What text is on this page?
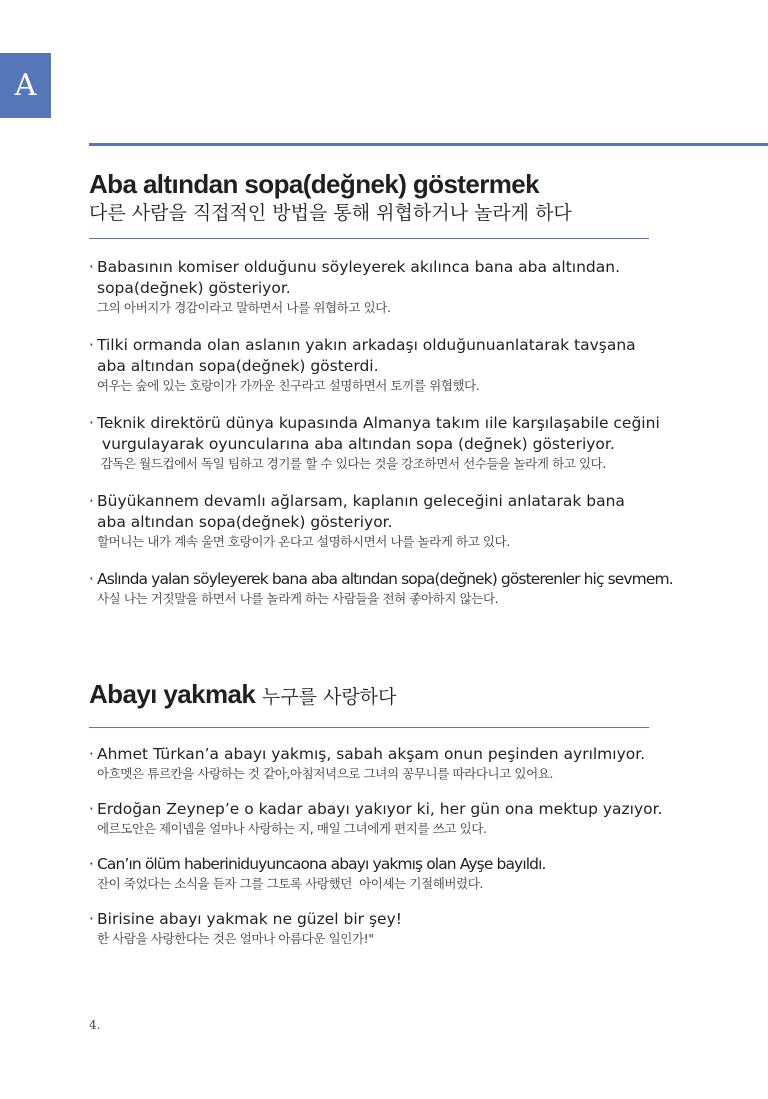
A
Aba altından sopa(değnek) göstermek

다른 사람을 직접적인 방법을 통해 위협하거나 놀라게 하다

· Babasının komiser olduğunu söyleyerek akılınca bana aba altından.
sopa(değnek) gösteriyor.
그의 아버지가 경감이라고 말하면서 나를 위협하고 있다.
· Tilki ormanda olan aslanın yakın arkadaşı olduğunuanlatarak tavşana
aba altından sopa(değnek) gösterdi.
여우는 숲에 있는 호랑이가 가까운 친구라고 설명하면서 토끼를 위협했다.
· Teknik direktörü dünya kupasında Almanya takım ıile karşılaşabile ceğini
vurgulayarak oyuncularına aba altından sopa (değnek) gösteriyor.
감독은 월드컵에서 독일 팀하고 경기를 할 수 있다는 것을 강조하면서 선수들을 놀라게 하고 있다.
· Büyükannem devamlı ağlarsam, kaplanın geleceğini anlatarak bana
aba altından sopa(değnek) gösteriyor.
할머니는 내가 계속 울면 호랑이가 온다고 설명하시면서 나를 놀라게 하고 있다.
· Aslında yalan söyleyerek bana aba altından sopa(değnek) gösterenler hiç sevmem.
사실 나는 거짓말을 하면서 나를 놀라게 하는 사람들을 전혀 좋아하지 않는다.
Abayı yakmak 누구를 사랑하다
· Ahmet Türkan’a abayı yakmış, sabah akşam onun peşinden ayrılmıyor.
아흐멧은 튜르칸을 사랑하는 것 같아,아침저녁으로 그녀의 꽁무니를 따라다니고 있어요.
· Erdoğan Zeynep’e o kadar abayı yakıyor ki, her gün ona mektup yazıyor.
에르도안은 제이넵을 얼마나 사랑하는 지, 매일 그녀에게 편지를 쓰고 있다.
· Can’ın ölüm haberiniduyuncaona abayı yakmış olan Ayşe bayıldı.
잔이 죽었다는 소식을 듣자 그를 그토록 사랑했던  아이셰는 기절해버렸다.
· Birisine abayı yakmak ne güzel bir şey!
한 사람을 사랑한다는 것은 얼마나 아름다운 일인가!"
4.
